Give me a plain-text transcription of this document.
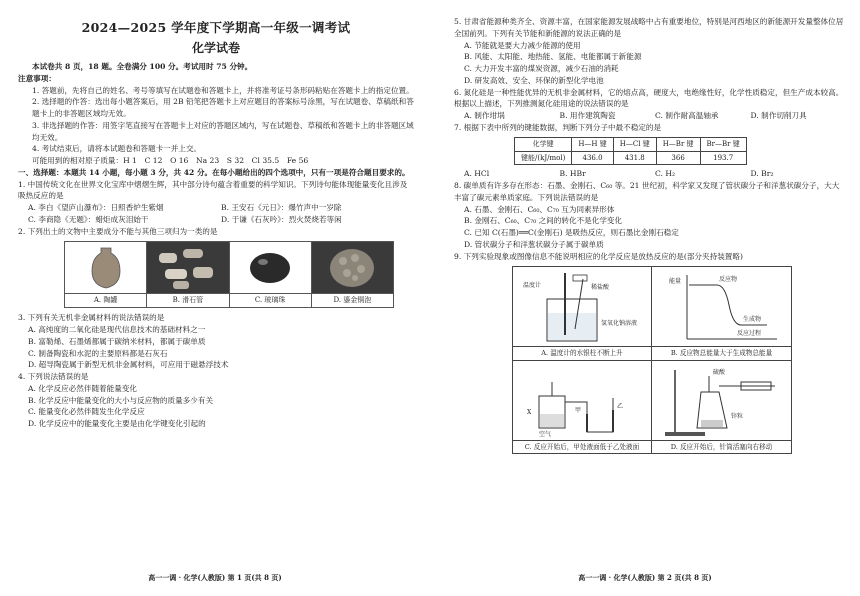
2024—2025 学年度下学期高一年级一调考试
化学试卷
本试卷共 8 页，18 题。全卷满分 100 分。考试用时 75 分钟。
注意事项：
1. 答题前，先将自己的姓名、考号等填写在试题卷和答题卡上，并将准考证号条形码粘贴在答题卡上的指定位置。
2. 选择题的作答：选出每小题答案后，用 2B 铅笔把答题卡上对应题目的答案标号涂黑，写在试题卷、草稿纸和答题卡上的非答题区域均无效。
3. 非选择题的作答：用签字笔直接写在答题卡上对应的答题区域内，写在试题卷、草稿纸和答题卡上的非答题区域均无效。
4. 考试结束后，请将本试题卷和答题卡一并上交。
可能用到的相对原子质量：H 1　C 12　O 16　Na 23　S 32　Cl 35.5　Fe 56
一、选择题：本题共 14 小题，每小题 3 分，共 42 分。在每小题给出的四个选项中，只有一项是符合题目要求的。
1. 中国传统文化在世界文化宝库中熠熠生辉，其中部分诗句蕴含着重要的科学知识。下列诗句能体现能量变化且涉及吸热反应的是
A. 李白《望庐山瀑布》：日照香炉生紫烟	B. 王安石《元日》：爆竹声中一岁除
C. 李商隐《无题》：蜡炬成灰泪始干	D. 于谦《石灰吟》：烈火焚烧若等闲
2. 下列出土的文物中主要成分不能与其他三项归为一类的是
A. 陶罐	B. 滑石管	C. 玻璃珠	D. 鎏金铜泡
3. 下列有关无机非金属材料的说法错误的是
A. 高纯度的二氧化硅是现代信息技术的基础材料之一
B. 富勒烯、石墨烯都属于碳纳米材料，都属于碳单质
C. 制备陶瓷和水泥的主要原料都是石灰石
D. 超导陶瓷属于新型无机非金属材料，可应用于磁悬浮技术
4. 下列说法错误的是
A. 化学反应必然伴随着能量变化
B. 化学反应中能量变化的大小与反应物的质量多少有关
C. 能量变化必然伴随发生化学反应
D. 化学反应中的能量变化主要是由化学键变化引起的
高一一调 · 化学(人教版) 第 1 页(共 8 页)
5. 甘肃省能源种类齐全、资源丰富，在国家能源发展战略中占有重要地位，特别是河西地区的新能源开发量整体位居全国前列。下列有关节能和新能源的说法正确的是
A. 节能就是要大力减少能源的使用
B. 风能、太阳能、地热能、氢能、电能都属于新能源
C. 大力开发丰富的煤炭资源，减少石油的消耗
D. 研发高效、安全、环保的新型化学电池
6. 氮化硅是一种性能优异的无机非金属材料，它的熔点高，硬度大，电绝缘性好，化学性质稳定，但生产成本较高。根据以上描述，下列推测氮化硅用途的说法错误的是
A. 制作坩埚	B. 用作建筑陶瓷	C. 制作耐高温轴承	D. 制作切削刀具
7. 根据下表中所列的键能数据，判断下列分子中最不稳定的是
化学键	H—H 键	H—Cl 键	H—Br 键	Br—Br 键
键能/(kJ/mol)	436.0	431.8	366	193.7
A. HCl	B. HBr	C. H₂	D. Br₂
8. 碳单质有许多存在形态：石墨、金刚石、C₆₀ 等。21 世纪初，科学家又发现了管状碳分子和洋葱状碳分子，大大丰富了碳元素单质家庭。下列说法错误的是
A. 石墨、金刚石、C₆₀、C₇₀ 互为同素异形体
B. 金刚石、C₆₀、C₇₀ 之间的转化不是化学变化
C. 已知 C(石墨)══C(金刚石) 是吸热反应，则石墨比金刚石稳定
D. 管状碳分子和洋葱状碳分子属于碳单质
9. 下列实验现象或图像信息不能说明相应的化学反应是放热反应的是(部分夹持装置略)
温度计	稀盐酸
氢氧化钠溶液
A. 温度计的水银柱不断上升
能量	反应物
生成物
反应过程
B. 反应物总能量大于生成物总能量
X
空气
甲
乙
C. 反应开始后，甲处液面低于乙处液面
硫酸
锌粒
D. 反应开始后，针筒活塞向右移动
高一一调 · 化学(人教版) 第 2 页(共 8 页)
